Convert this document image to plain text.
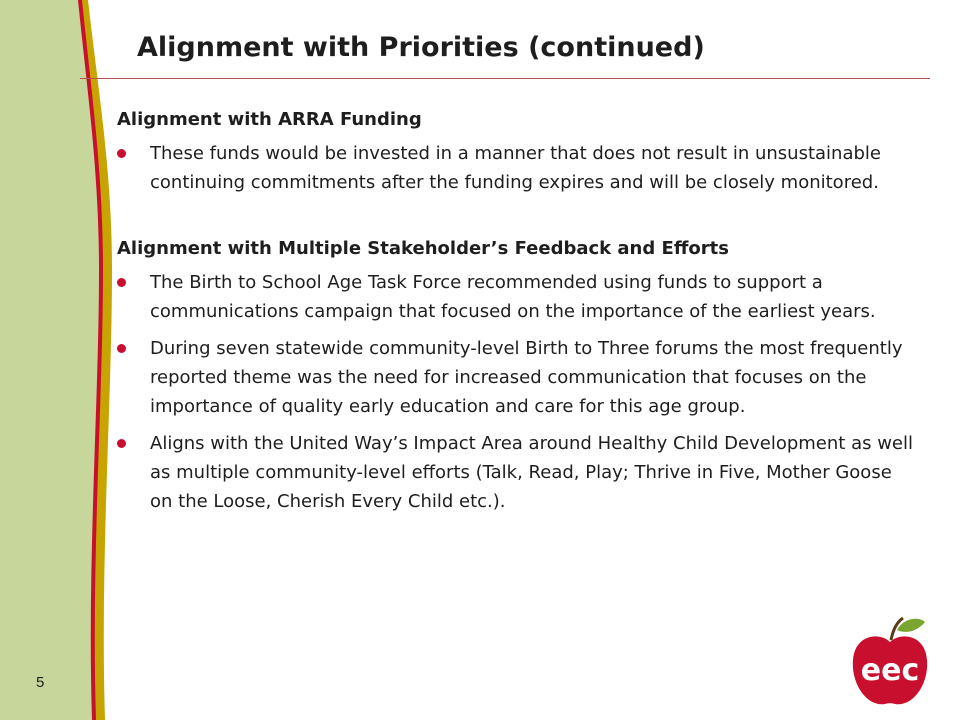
Alignment with Priorities (continued)

Alignment with ARRA Funding

These funds would be invested in a manner that does not result in unsustainable continuing commitments after the funding expires and will be closely monitored.

Alignment with Multiple Stakeholder’s Feedback and Efforts

The Birth to School Age Task Force recommended using funds to support a communications campaign that focused on the importance of the earliest years.
During seven statewide community-level Birth to Three forums the most frequently reported theme was the need for increased communication that focuses on the importance of quality early education and care for this age group.
Aligns with the United Way’s Impact Area around Healthy Child Development as well as multiple community-level efforts (Talk, Read, Play; Thrive in Five, Mother Goose on the Loose, Cherish Every Child etc.).
5	eec
